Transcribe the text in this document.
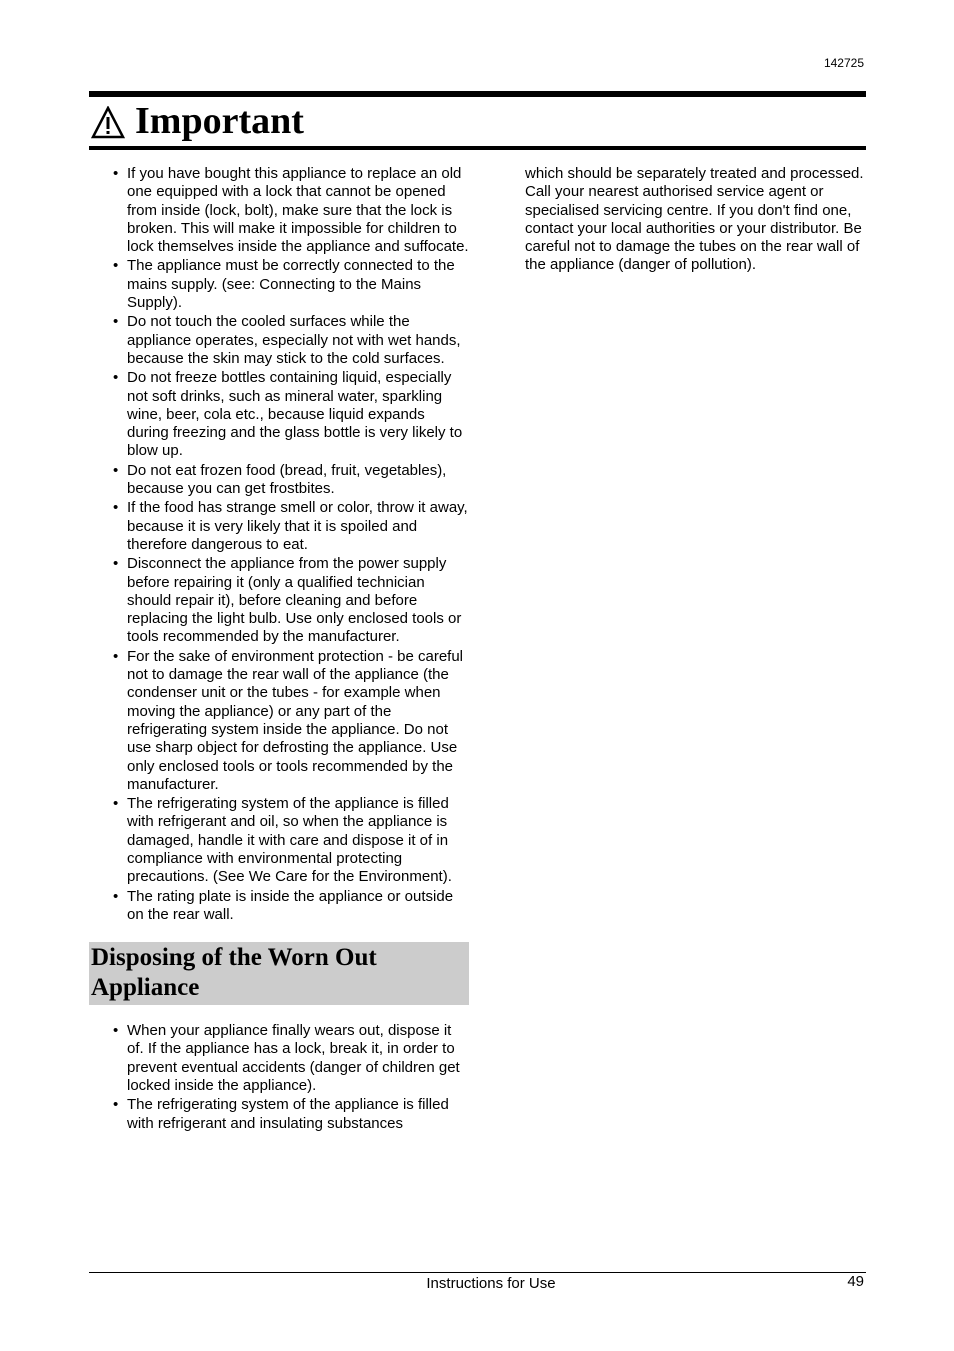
142725
Important
• If you have bought this appliance to replace an old one equipped with a lock that cannot be opened from inside (lock, bolt), make sure that the lock is broken. This will make it impossible for children to lock themselves inside the appliance and suffocate.
• The appliance must be correctly connected to the mains supply. (see: Connecting to the Mains Supply).
• Do not touch the cooled surfaces while the appliance operates, especially not with wet hands, because the skin may stick to the cold surfaces.
• Do not freeze bottles containing liquid, especially not soft drinks, such as mineral water, sparkling wine, beer, cola etc., because liquid expands during freezing and the glass bottle is very likely to blow up.
• Do not eat frozen food (bread, fruit, vegetables), because you can get frostbites.
• If the food has strange smell or color, throw it away, because it is very likely that it is spoiled and therefore dangerous to eat.
• Disconnect the appliance from the power supply before repairing it (only a qualified technician should repair it), before cleaning and before replacing the light bulb. Use only enclosed tools or tools recommended by the manufacturer.
• For the sake of environment protection - be careful not to damage the rear wall of the appliance (the condenser unit or the tubes - for example when moving the appliance) or any part of the refrigerating system inside the appliance. Do not use sharp object for defrosting the appliance. Use only enclosed tools or tools recommended by the manufacturer.
• The refrigerating system of the appliance is filled with refrigerant and oil, so when the appliance is damaged, handle it with care and dispose it of in compliance with environmental protecting precautions. (See We Care for the Environment).
• The rating plate is inside the appliance or outside on the rear wall.
Disposing of the Worn Out Appliance
• When your appliance finally wears out, dispose it of. If the appliance has a lock, break it, in order to prevent eventual accidents (danger of children get locked inside the appliance).
• The refrigerating system of the appliance is filled with refrigerant and insulating substances
which should be separately treated and processed. Call your nearest authorised service agent or specialised servicing centre. If you don't find one, contact your local authorities or your distributor. Be careful not to damage the tubes on the rear wall of the appliance (danger of pollution).
Instructions for Use	49
